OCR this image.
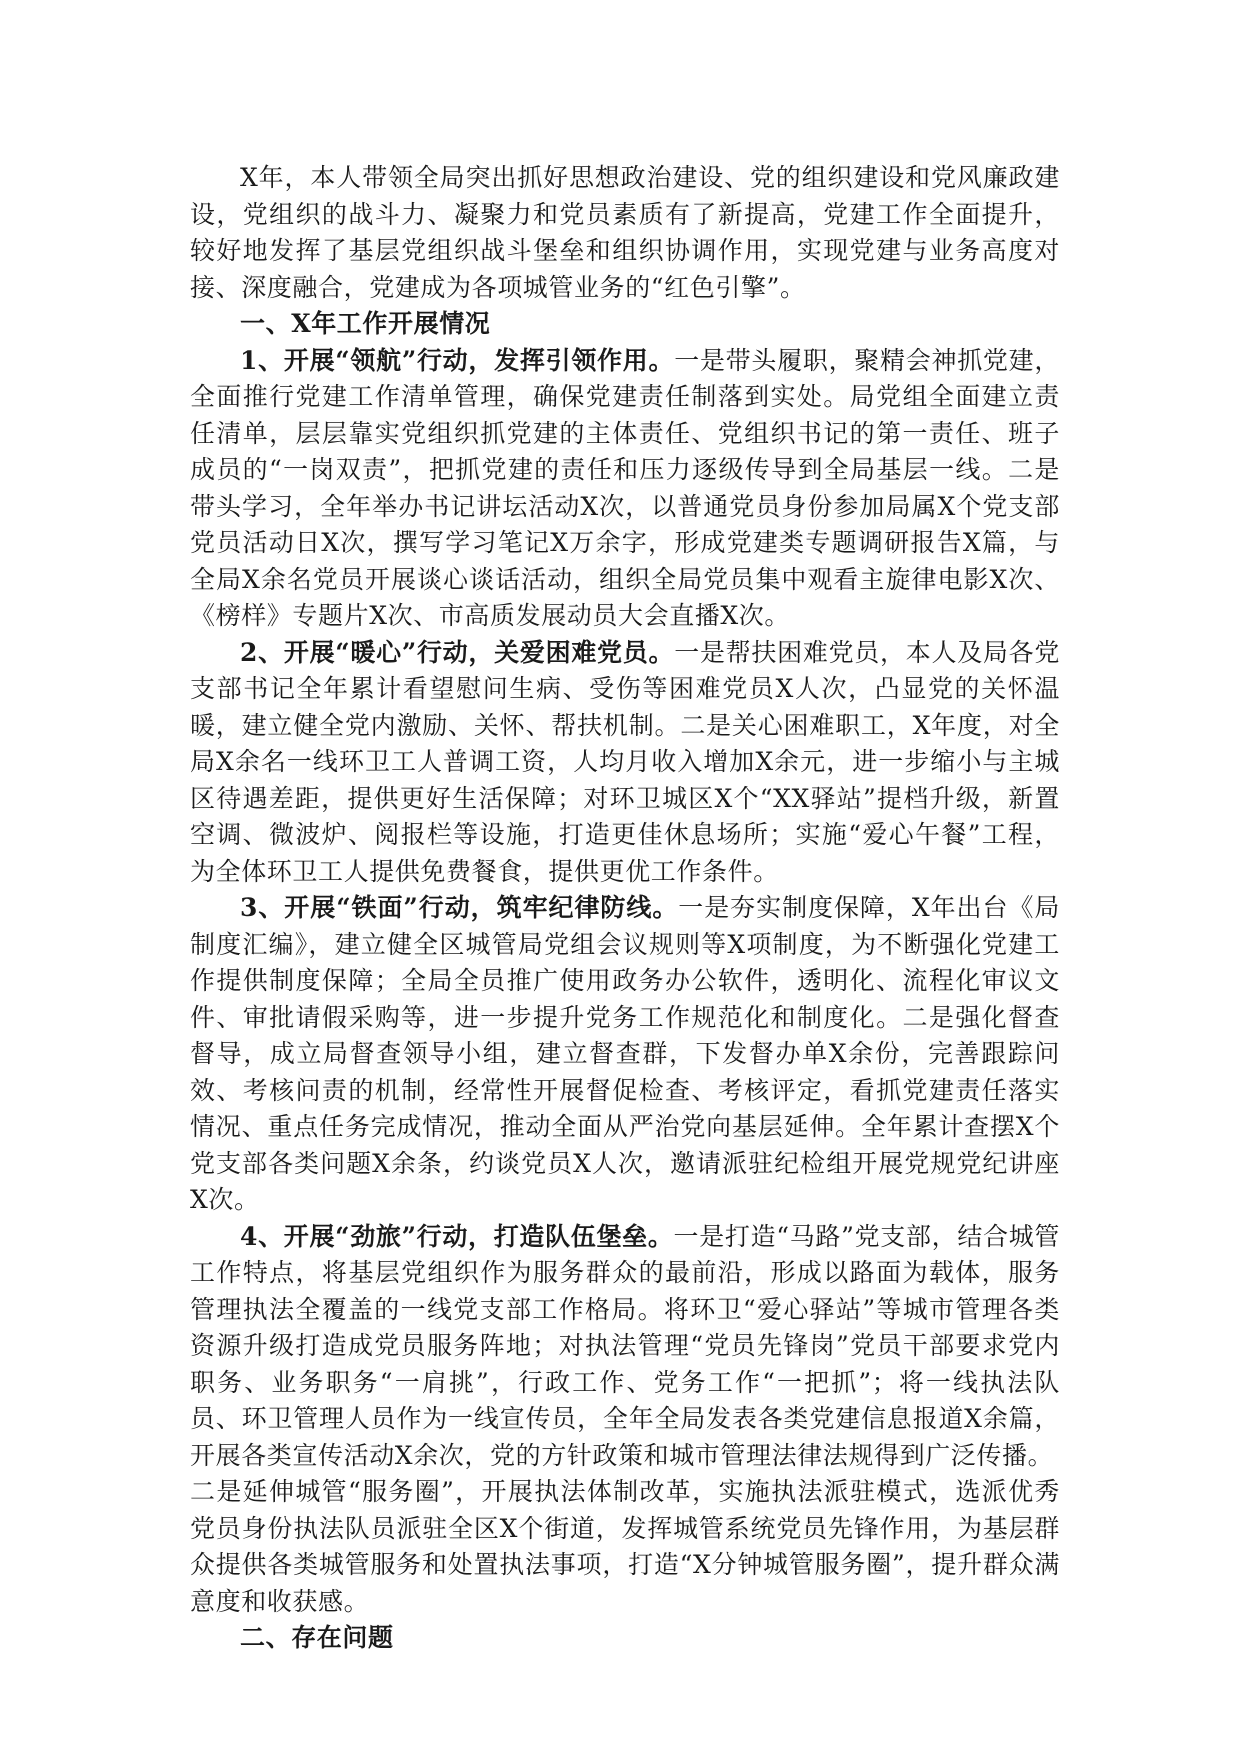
X年，本人带领全局突出抓好思想政治建设、党的组织建设和党风廉政建设，党组织的战斗力、凝聚力和党员素质有了新提高，党建工作全面提升，较好地发挥了基层党组织战斗堡垒和组织协调作用，实现党建与业务高度对接、深度融合，党建成为各项城管业务的“红色引擎”。

一、X年工作开展情况

1、开展“领航”行动，发挥引领作用。一是带头履职，聚精会神抓党建，全面推行党建工作清单管理，确保党建责任制落到实处。局党组全面建立责任清单，层层靠实党组织抓党建的主体责任、党组织书记的第一责任、班子成员的“一岗双责”，把抓党建的责任和压力逐级传导到全局基层一线。二是带头学习，全年举办书记讲坛活动X次，以普通党员身份参加局属X个党支部党员活动日X次，撰写学习笔记X万余字，形成党建类专题调研报告X篇，与全局X余名党员开展谈心谈话活动，组织全局党员集中观看主旋律电影X次、《榜样》专题片X次、市高质发展动员大会直播X次。

2、开展“暖心”行动，关爱困难党员。一是帮扶困难党员，本人及局各党支部书记全年累计看望慰问生病、受伤等困难党员X人次，凸显党的关怀温暖，建立健全党内激励、关怀、帮扶机制。二是关心困难职工，X年度，对全局X余名一线环卫工人普调工资，人均月收入增加X余元，进一步缩小与主城区待遇差距，提供更好生活保障；对环卫城区X个“XX驿站”提档升级，新置空调、微波炉、阅报栏等设施，打造更佳休息场所；实施“爱心午餐”工程，为全体环卫工人提供免费餐食，提供更优工作条件。

3、开展“铁面”行动，筑牢纪律防线。一是夯实制度保障，X年出台《局制度汇编》，建立健全区城管局党组会议规则等X项制度，为不断强化党建工作提供制度保障；全局全员推广使用政务办公软件，透明化、流程化审议文件、审批请假采购等，进一步提升党务工作规范化和制度化。二是强化督查督导，成立局督查领导小组，建立督查群，下发督办单X余份，完善跟踪问效、考核问责的机制，经常性开展督促检查、考核评定，看抓党建责任落实情况、重点任务完成情况，推动全面从严治党向基层延伸。全年累计查摆X个党支部各类问题X余条，约谈党员X人次，邀请派驻纪检组开展党规党纪讲座X次。

4、开展“劲旅”行动，打造队伍堡垒。一是打造“马路”党支部，结合城管工作特点，将基层党组织作为服务群众的最前沿，形成以路面为载体，服务管理执法全覆盖的一线党支部工作格局。将环卫“爱心驿站”等城市管理各类资源升级打造成党员服务阵地；对执法管理“党员先锋岗”党员干部要求党内职务、业务职务“一肩挑”，行政工作、党务工作“一把抓”；将一线执法队员、环卫管理人员作为一线宣传员，全年全局发表各类党建信息报道X余篇，开展各类宣传活动X余次，党的方针政策和城市管理法律法规得到广泛传播。

二是延伸城管“服务圈”，开展执法体制改革，实施执法派驻模式，选派优秀党员身份执法队员派驻全区X个街道，发挥城管系统党员先锋作用，为基层群众提供各类城管服务和处置执法事项，打造“X分钟城管服务圈”，提升群众满意度和收获感。

二、存在问题
